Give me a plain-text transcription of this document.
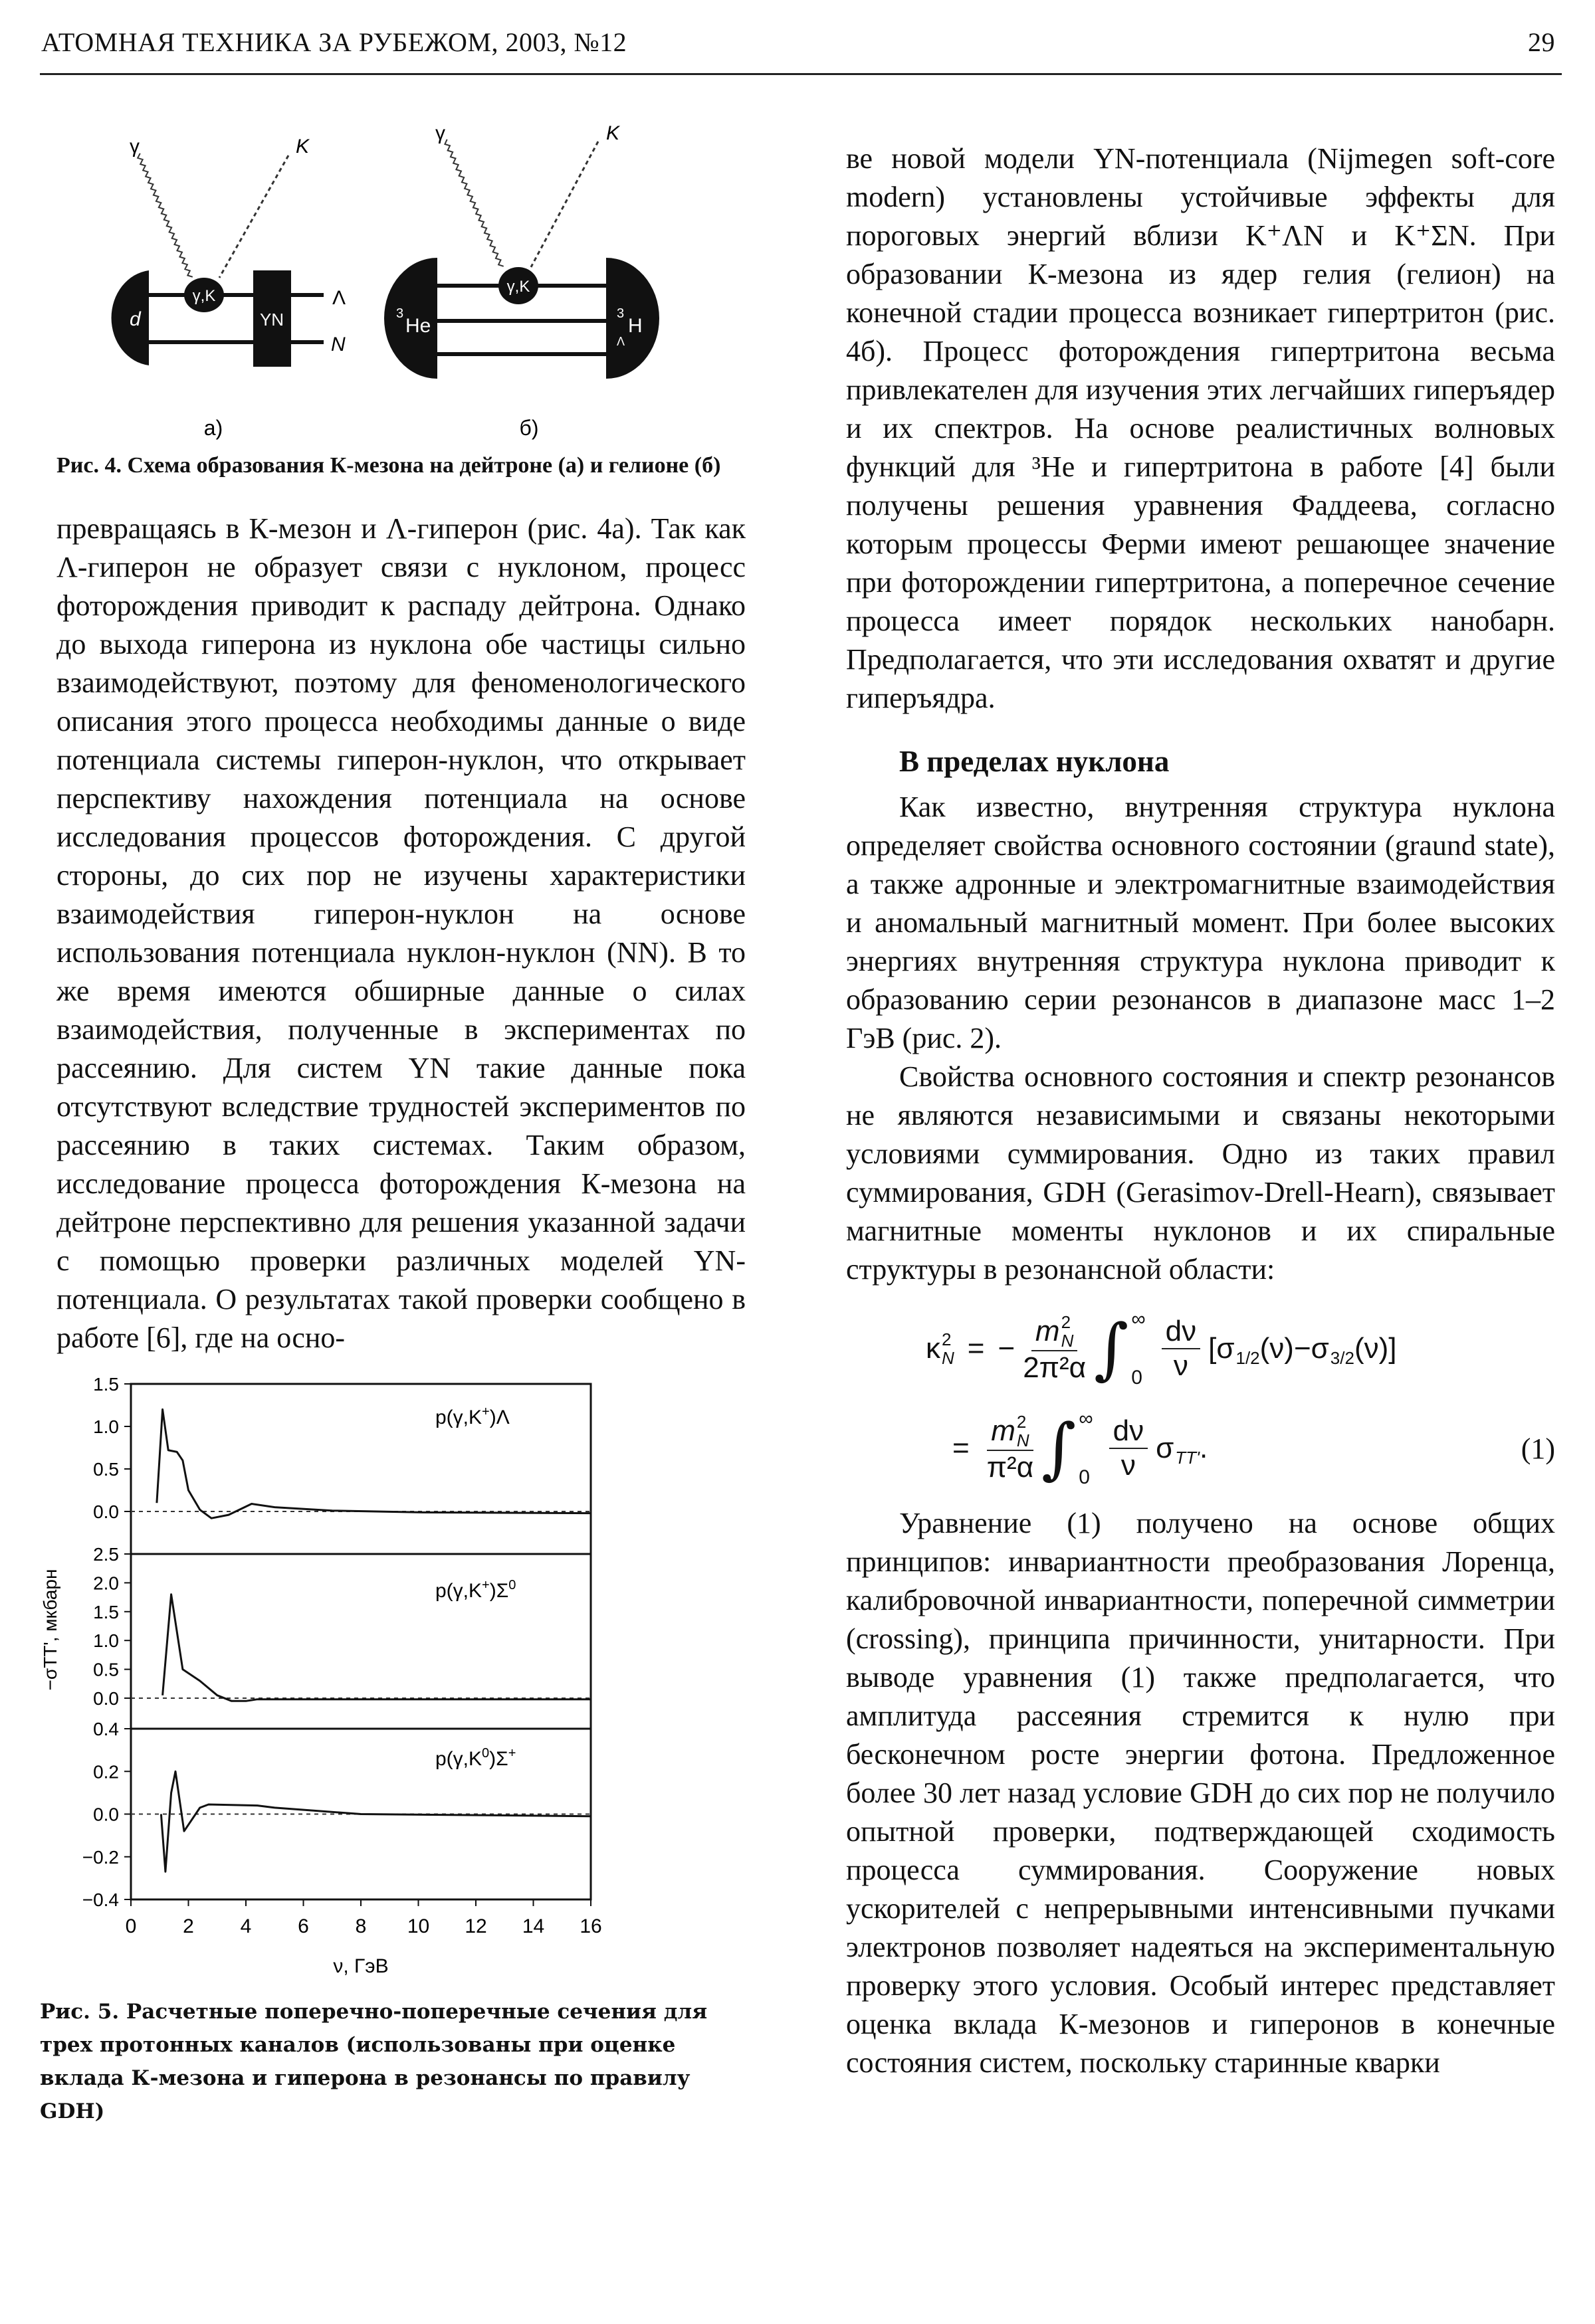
АТОМНАЯ ТЕХНИКА ЗА РУБЕЖОМ, 2003, №12	29
γ	K
γ,K
d	YN
Λ
N
а)
γ	K
γ,K
3
He
3
Λ
H
б)
Рис. 4. Схема образования К-мезона на дейтроне (а) и гелионе (б)

превращаясь в К-мезон и Λ-гиперон (рис. 4а). Так как Λ-гиперон не образует связи с нуклоном, процесс фоторождения приводит к распаду дейтрона. Однако до выхода гиперона из нуклона обе частицы сильно взаимодействуют, поэтому для феноменологического описания этого процесса необходимы данные о виде потенциала системы гиперон-нуклон, что открывает перспективу нахождения потенциала на основе исследования процессов фоторождения. С другой стороны, до сих пор не изучены характеристики взаимодействия гиперон-нуклон на основе использования потенциала нуклон-нуклон (NN). В то же время имеются обширные данные о силах взаимодействия, полученные в экспериментах по рассеянию. Для систем YN такие данные пока отсутствуют вследствие трудностей экспериментов по рассеянию в таких системах. Таким образом, исследование процесса фоторождения К-мезона на дейтроне перспективно для решения указанной задачи с помощью проверки различных моделей YN-потенциала. О результатах такой проверки сообщено в работе [6], где на осно-

1.5
1.0
0.5
0.0
p(γ,K+)Λ
2.5
2.0
1.5
1.0
0.5
0.0
$p(\gamma,K^+)\Sigma^0$
0.4
0.2
0.0
−0.2
−0.4
$p(\gamma,K^0)\Sigma^+$
0 2 4 6 8 10 12 14 16
ν, ГэВ
−σTT', мкбарн
Рис. 5. Расчетные поперечно-поперечные сечения для трех протонных каналов (использованы при оценке вклада К-мезона и гиперона в резонансы по правилу GDH)

ве новой модели YN-потенциала (Nijmegen soft-core modern) установлены устойчивые эффекты для пороговых энергий вблизи K⁺ΛN и K⁺ΣN. При образовании К-мезона из ядер гелия (гелион) на конечной стадии процесса возникает гипертритон (рис. 4б). Процесс фоторождения гипертритона весьма привлекателен для изучения этих легчайших гиперъядер и их спектров. На основе реалистичных волновых функций для ³He и гипертритона в работе [4] были получены решения уравнения Фаддеева, согласно которым процессы Ферми имеют решающее значение при фоторождении гипертритона, а поперечное сечение процесса имеет порядок нескольких нанобарн. Предполагается, что эти исследования охватят и другие гиперъядра.

В пределах нуклона

Как известно, внутренняя структура нуклона определяет свойства основного состоянии (graund state), а также адронные и электромагнитные взаимодействия и аномальный магнитный момент. При более высоких энергиях внутренняя структура нуклона приводит к образованию серии резонансов в диапазоне масс 1–2 ГэВ (рис. 2).

Свойства основного состояния и спектр резонансов не являются независимыми и связаны некоторыми условиями суммирования. Одно из таких правил суммирования, GDH (Gerasimov-Drell-Hearn), связывает магнитные моменты нуклонов и их спиральные структуры в резонансной области:

κ 2
N = − m 2
N
2π²α ∫ ∞
$0 \frac{d\nu}{\nu} [\sigma$ 1/2 (ν)−σ 3/2 (ν)]
= m 2
N
π²α ∫ ∞
$0 \frac{d\nu}{\nu}$ σ TT' .	(1)

Уравнение (1) получено на основе общих принципов: инвариантности преобразования Лоренца, калибровочной инвариантности, поперечной симметрии (crossing), принципа причинности, унитарности. При выводе уравнения (1) также предполагается, что амплитуда рассеяния стремится к нулю при бесконечном росте энергии фотона. Предложенное более 30 лет назад условие GDH до сих пор не получило опытной проверки, подтверждающей сходимость процесса суммирования. Сооружение новых ускорителей с непрерывными интенсивными пучками электронов позволяет надеяться на экспериментальную проверку этого условия. Особый интерес представляет оценка вклада К-мезонов и гиперонов в конечные состояния систем, поскольку старинные кварки
